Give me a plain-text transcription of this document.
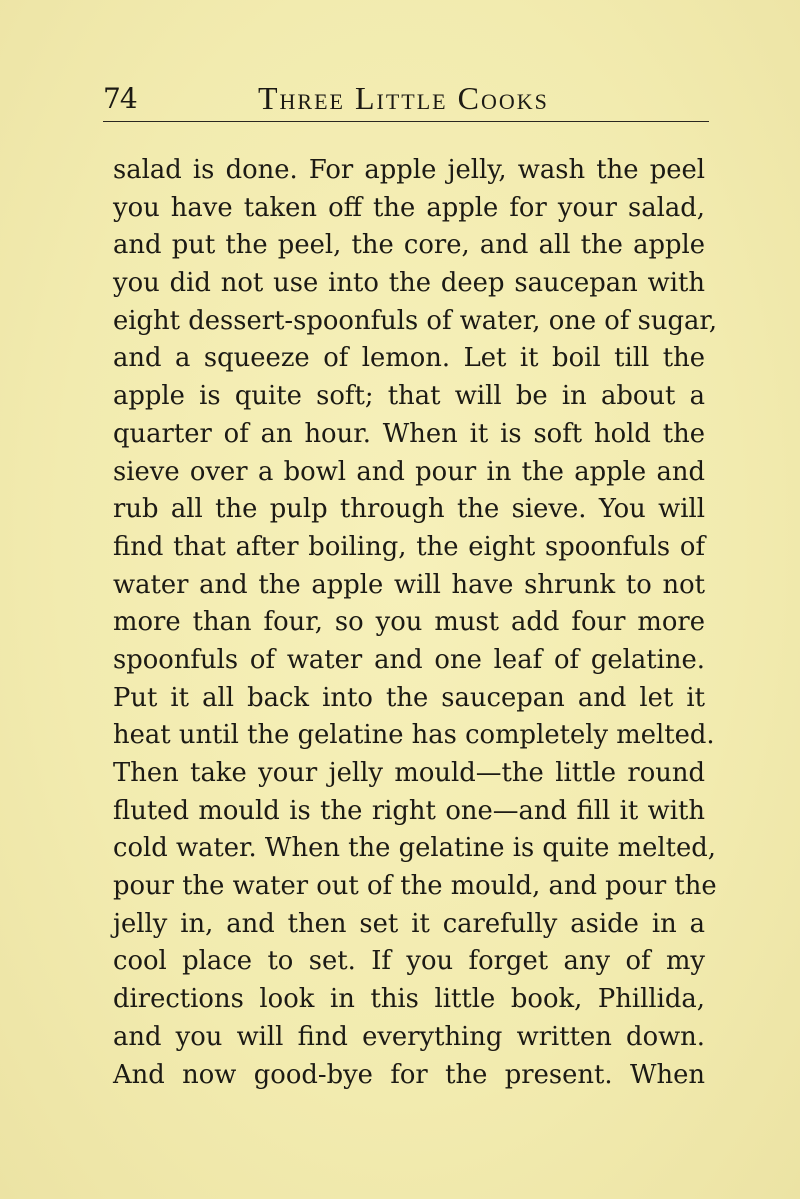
74	Three Little Cooks
salad is done. For apple jelly, wash the peel
you have taken off the apple for your salad,
and put the peel, the core, and all the apple
you did not use into the deep saucepan with
eight dessert-spoonfuls of water, one of sugar,
and a squeeze of lemon. Let it boil till the
apple is quite soft; that will be in about a
quarter of an hour. When it is soft hold the
sieve over a bowl and pour in the apple and
rub all the pulp through the sieve. You will
find that after boiling, the eight spoonfuls of
water and the apple will have shrunk to not
more than four, so you must add four more
spoonfuls of water and one leaf of gelatine.
Put it all back into the saucepan and let it
heat until the gelatine has completely melted.
Then take your jelly mould—the little round
fluted mould is the right one—and fill it with
cold water. When the gelatine is quite melted,
pour the water out of the mould, and pour the
jelly in, and then set it carefully aside in a
cool place to set. If you forget any of my
directions look in this little book, Phillida,
and you will find everything written down.
And now good-bye for the present. When
